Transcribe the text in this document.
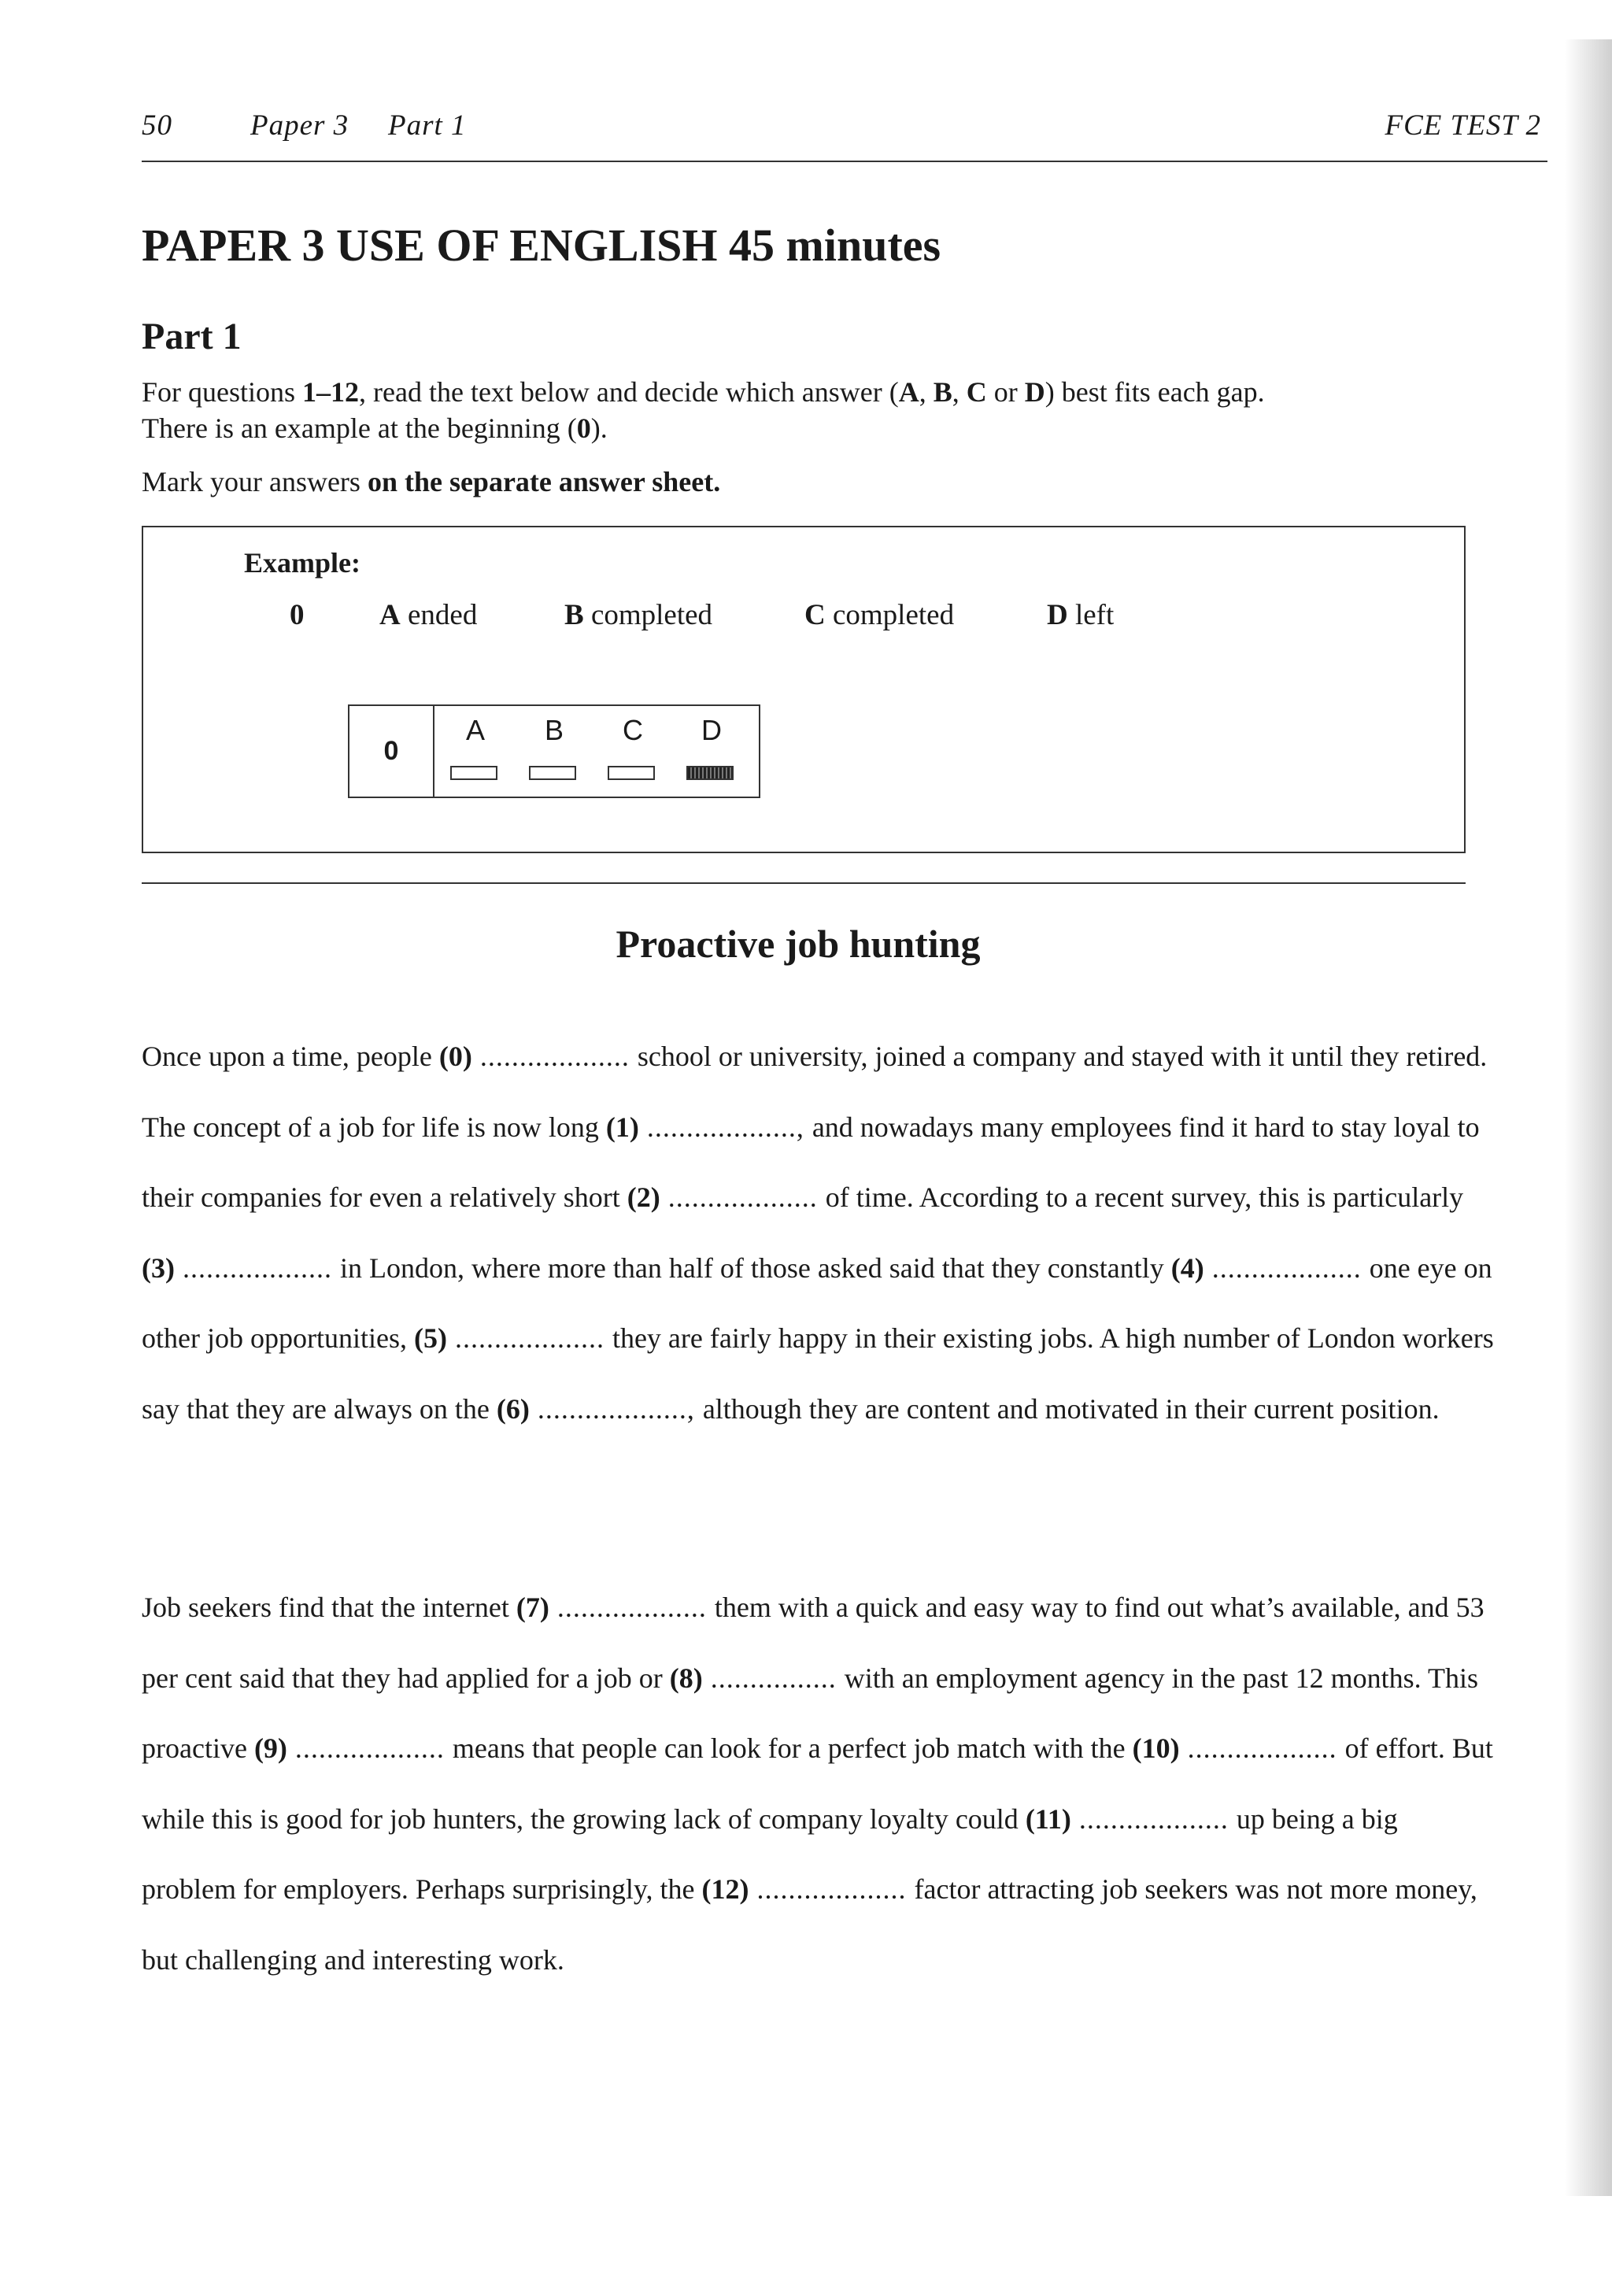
50	Paper 3 Part 1	FCE TEST 2
PAPER 3 USE OF ENGLISH 45 minutes
Part 1

For questions 1–12, read the text below and decide which answer (A, B, C or D) best fits each gap.

There is an example at the beginning (0).

Mark your answers on the separate answer sheet.

Example:
0	A ended	B completed	C completed	D left
0
A	B	C	D
Proactive job hunting

Once upon a time, people (0) ................... school or university, joined a company and stayed with it until they retired. The concept of a job for life is now long (1) ..................., and nowadays many employees find it hard to stay loyal to their companies for even a relatively short (2) ................... of time. According to a recent survey, this is particularly (3) ................... in London, where more than half of those asked said that they constantly (4) ................... one eye on other job opportunities, (5) ................... they are fairly happy in their existing jobs. A high number of London workers say that they are always on the (6) ..................., although they are content and motivated in their current position.

Job seekers find that the internet (7) ................... them with a quick and easy way to find out what’s available, and 53 per cent said that they had applied for a job or (8) ................ with an employment agency in the past 12 months. This proactive (9) ................... means that people can look for a perfect job match with the (10) ................... of effort. But while this is good for job hunters, the growing lack of company loyalty could (11) ................... up being a big problem for employers. Perhaps surprisingly, the (12) ................... factor attracting job seekers was not more money, but challenging and interesting work.
